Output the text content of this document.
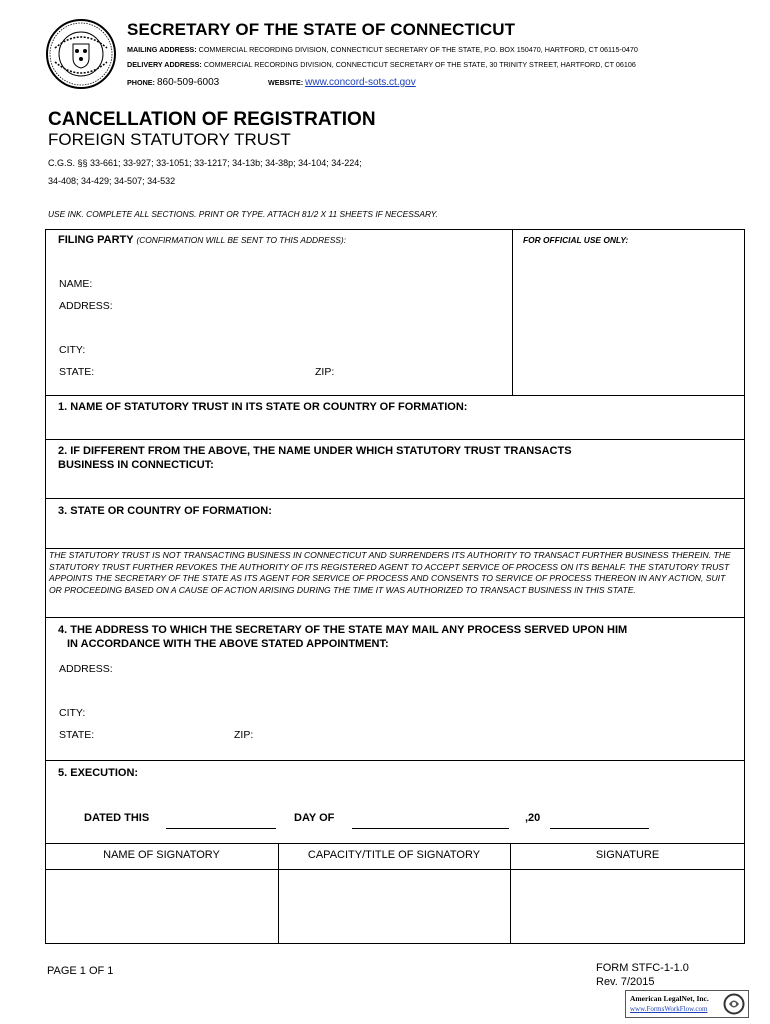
SECRETARY OF THE STATE OF CONNECTICUT
MAILING ADDRESS: COMMERCIAL RECORDING DIVISION, CONNECTICUT SECRETARY OF THE STATE, P.O. BOX 150470, HARTFORD, CT 06115-0470
DELIVERY ADDRESS: COMMERCIAL RECORDING DIVISION, CONNECTICUT SECRETARY OF THE STATE, 30 TRINITY STREET, HARTFORD, CT 06106
PHONE: 860-509-6003	WEBSITE: www.concord-sots.ct.gov
CANCELLATION OF REGISTRATION
FOREIGN STATUTORY TRUST
C.G.S. §§ 33-661; 33-927; 33-1051; 33-1217; 34-13b; 34-38p; 34-104; 34-224;
34-408; 34-429; 34-507; 34-532
USE INK. COMPLETE ALL SECTIONS. PRINT OR TYPE. ATTACH 81/2 X 11 SHEETS IF NECESSARY.
FILING PARTY (CONFIRMATION WILL BE SENT TO THIS ADDRESS):	FOR OFFICIAL USE ONLY:
NAME:
ADDRESS:
CITY:
STATE:	ZIP:
1. NAME OF STATUTORY TRUST IN ITS STATE OR COUNTRY OF FORMATION:
2. IF DIFFERENT FROM THE ABOVE, THE NAME UNDER WHICH STATUTORY TRUST TRANSACTS
BUSINESS IN CONNECTICUT:
3. STATE OR COUNTRY OF FORMATION:
THE STATUTORY TRUST IS NOT TRANSACTING BUSINESS IN CONNECTICUT AND SURRENDERS ITS AUTHORITY TO TRANSACT FURTHER BUSINESS THEREIN. THE STATUTORY TRUST FURTHER REVOKES THE AUTHORITY OF ITS REGISTERED AGENT TO ACCEPT SERVICE OF PROCESS ON ITS BEHALF. THE STATUTORY TRUST APPOINTS THE SECRETARY OF THE STATE AS ITS AGENT FOR SERVICE OF PROCESS AND CONSENTS TO SERVICE OF PROCESS THEREON IN ANY ACTION, SUIT OR PROCEEDING BASED ON A CAUSE OF ACTION ARISING DURING THE TIME IT WAS AUTHORIZED TO TRANSACT BUSINESS IN THIS STATE.
4. THE ADDRESS TO WHICH THE SECRETARY OF THE STATE MAY MAIL ANY PROCESS SERVED UPON HIM
IN ACCORDANCE WITH THE ABOVE STATED APPOINTMENT:
ADDRESS:
CITY:
STATE:	ZIP:
5. EXECUTION:
DATED THIS	DAY OF	,20
NAME OF SIGNATORY	CAPACITY/TITLE OF SIGNATORY	SIGNATURE
PAGE 1 OF 1	FORM STFC-1-1.0
Rev. 7/2015
American LegalNet, Inc.
www.FormsWorkFlow.com
